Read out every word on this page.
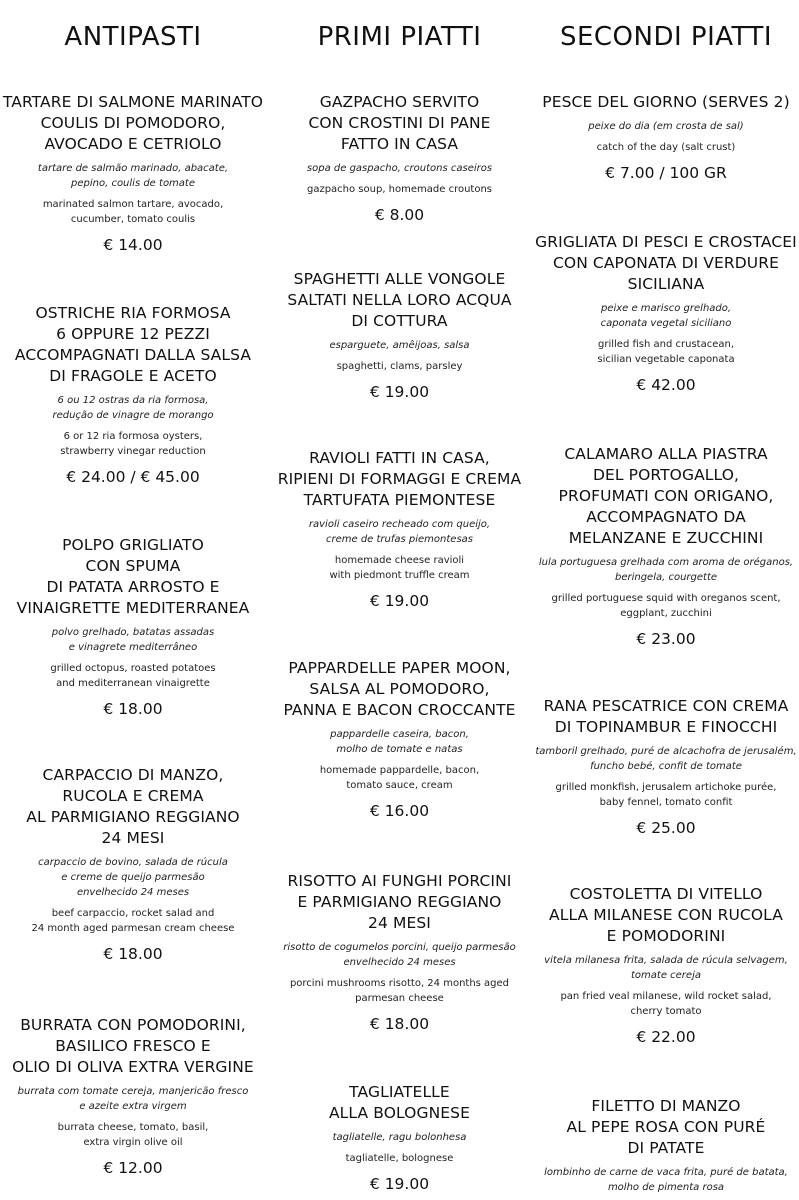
ANTIPASTI

TARTARE DI SALMONE MARINATO
COULIS DI POMODORO,
AVOCADO E CETRIOLO

tartare de salmão marinado, abacate,
pepino, coulis de tomate

marinated salmon tartare, avocado,
cucumber, tomato coulis

€ 14.00

OSTRICHE RIA FORMOSA
6 OPPURE 12 PEZZI
ACCOMPAGNATI DALLA SALSA
DI FRAGOLE E ACETO

6 ou 12 ostras da ria formosa,
redução de vinagre de morango

6 or 12 ria formosa oysters,
strawberry vinegar reduction

€ 24.00 / € 45.00

POLPO GRIGLIATO
CON SPUMA
DI PATATA ARROSTO E
VINAIGRETTE MEDITERRANEA

polvo grelhado, batatas assadas
e vinagrete mediterrâneo

grilled octopus, roasted potatoes
and mediterranean vinaigrette

€ 18.00

CARPACCIO DI MANZO,
RUCOLA E CREMA
AL PARMIGIANO REGGIANO
24 MESI

carpaccio de bovino, salada de rúcula
e creme de queijo parmesão
envelhecido 24 meses

beef carpaccio, rocket salad and
24 month aged parmesan cream cheese

€ 18.00

BURRATA CON POMODORINI,
BASILICO FRESCO E
OLIO DI OLIVA EXTRA VERGINE

burrata com tomate cereja, manjericão fresco
e azeite extra virgem

burrata cheese, tomato, basil,
extra virgin olive oil

€ 12.00

PRIMI PIATTI

GAZPACHO SERVITO
CON CROSTINI DI PANE
FATTO IN CASA

sopa de gaspacho, croutons caseiros

gazpacho soup, homemade croutons

€ 8.00

SPAGHETTI ALLE VONGOLE
SALTATI NELLA LORO ACQUA
DI COTTURA

esparguete, amêijoas, salsa

spaghetti, clams, parsley

€ 19.00

RAVIOLI FATTI IN CASA,
RIPIENI DI FORMAGGI E CREMA
TARTUFATA PIEMONTESE

ravioli caseiro recheado com queijo,
creme de trufas piemontesas

homemade cheese ravioli
with piedmont truffle cream

€ 19.00

PAPPARDELLE PAPER MOON,
SALSA AL POMODORO,
PANNA E BACON CROCCANTE

pappardelle caseira, bacon,
molho de tomate e natas

homemade pappardelle, bacon,
tomato sauce, cream

€ 16.00

RISOTTO AI FUNGHI PORCINI
E PARMIGIANO REGGIANO
24 MESI

risotto de cogumelos porcini, queijo parmesão
envelhecido 24 meses

porcini mushrooms risotto, 24 months aged
parmesan cheese

€ 18.00

TAGLIATELLE
ALLA BOLOGNESE

tagliatelle, ragu bolonhesa

tagliatelle, bolognese

€ 19.00

SECONDI PIATTI

PESCE DEL GIORNO (SERVES 2)

peixe do dia (em crosta de sal)

catch of the day (salt crust)

€ 7.00 / 100 GR

GRIGLIATA DI PESCI E CROSTACEI
CON CAPONATA DI VERDURE
SICILIANA

peixe e marisco grelhado,
caponata vegetal siciliano

grilled fish and crustacean,
sicilian vegetable caponata

€ 42.00

CALAMARO ALLA PIASTRA
DEL PORTOGALLO,
PROFUMATI CON ORIGANO,
ACCOMPAGNATO DA
MELANZANE E ZUCCHINI

lula portuguesa grelhada com aroma de oréganos,
beringela, courgette

grilled portuguese squid with oreganos scent,
eggplant, zucchini

€ 23.00

RANA PESCATRICE CON CREMA
DI TOPINAMBUR E FINOCCHI

tamboril grelhado, puré de alcachofra de jerusalém,
funcho bebé, confit de tomate

grilled monkfish, jerusalem artichoke purée,
baby fennel, tomato confit

€ 25.00

COSTOLETTA DI VITELLO
ALLA MILANESE CON RUCOLA
E POMODORINI

vitela milanesa frita, salada de rúcula selvagem,
tomate cereja

pan fried veal milanese, wild rocket salad,
cherry tomato

€ 22.00

FILETTO DI MANZO
AL PEPE ROSA CON PURÉ
DI PATATE

lombinho de carne de vaca frita, puré de batata,
molho de pimenta rosa
